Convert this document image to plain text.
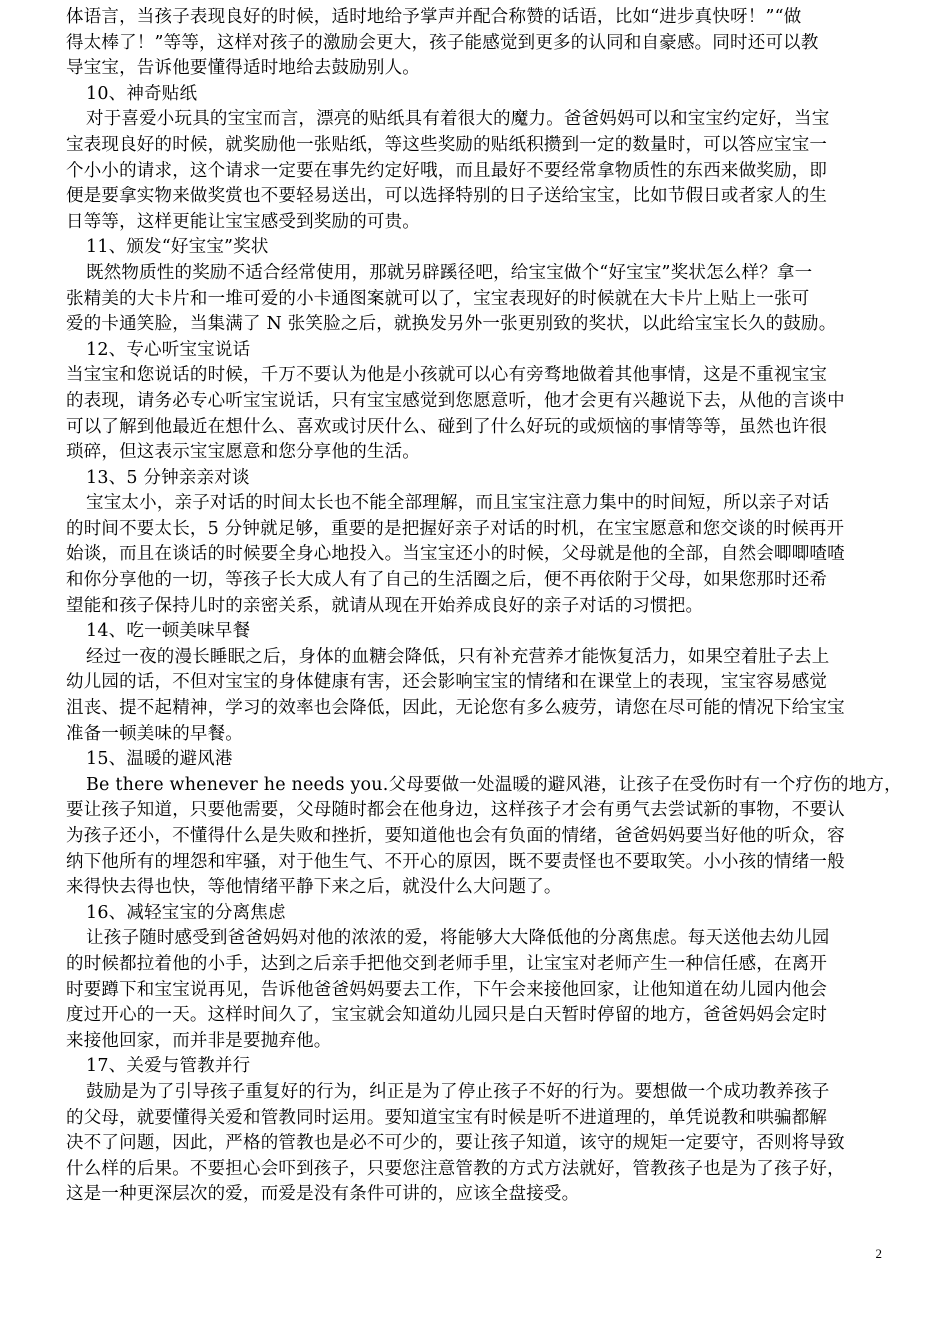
体语言，当孩子表现良好的时候，适时地给予掌声并配合称赞的话语，比如“进步真快呀！”“做
得太棒了！”等等，这样对孩子的激励会更大，孩子能感觉到更多的认同和自豪感。同时还可以教
导宝宝，告诉他要懂得适时地给去鼓励别人。
10、神奇贴纸
对于喜爱小玩具的宝宝而言，漂亮的贴纸具有着很大的魔力。爸爸妈妈可以和宝宝约定好，当宝
宝表现良好的时候，就奖励他一张贴纸，等这些奖励的贴纸积攒到一定的数量时，可以答应宝宝一
个小小的请求，这个请求一定要在事先约定好哦，而且最好不要经常拿物质性的东西来做奖励，即
便是要拿实物来做奖赏也不要轻易送出，可以选择特别的日子送给宝宝，比如节假日或者家人的生
日等等，这样更能让宝宝感受到奖励的可贵。
11、颁发“好宝宝”奖状
既然物质性的奖励不适合经常使用，那就另辟蹊径吧，给宝宝做个“好宝宝”奖状怎么样？拿一
张精美的大卡片和一堆可爱的小卡通图案就可以了，宝宝表现好的时候就在大卡片上贴上一张可
爱的卡通笑脸，当集满了 N 张笑脸之后，就换发另外一张更别致的奖状，以此给宝宝长久的鼓励。
12、专心听宝宝说话
当宝宝和您说话的时候，千万不要认为他是小孩就可以心有旁骛地做着其他事情，这是不重视宝宝
的表现，请务必专心听宝宝说话，只有宝宝感觉到您愿意听，他才会更有兴趣说下去，从他的言谈中
可以了解到他最近在想什么、喜欢或讨厌什么、碰到了什么好玩的或烦恼的事情等等，虽然也许很
琐碎，但这表示宝宝愿意和您分享他的生活。
13、5 分钟亲亲对谈
宝宝太小，亲子对话的时间太长也不能全部理解，而且宝宝注意力集中的时间短，所以亲子对话
的时间不要太长，5 分钟就足够，重要的是把握好亲子对话的时机，在宝宝愿意和您交谈的时候再开
始谈，而且在谈话的时候要全身心地投入。当宝宝还小的时候，父母就是他的全部，自然会唧唧喳喳
和你分享他的一切，等孩子长大成人有了自己的生活圈之后，便不再依附于父母，如果您那时还希
望能和孩子保持儿时的亲密关系，就请从现在开始养成良好的亲子对话的习惯把。
14、吃一顿美味早餐
经过一夜的漫长睡眠之后，身体的血糖会降低，只有补充营养才能恢复活力，如果空着肚子去上
幼儿园的话，不但对宝宝的身体健康有害，还会影响宝宝的情绪和在课堂上的表现，宝宝容易感觉
沮丧、提不起精神，学习的效率也会降低，因此，无论您有多么疲劳，请您在尽可能的情况下给宝宝
准备一顿美味的早餐。
15、温暖的避风港
Be there whenever he needs you.父母要做一处温暖的避风港，让孩子在受伤时有一个疗伤的地方，
要让孩子知道，只要他需要，父母随时都会在他身边，这样孩子才会有勇气去尝试新的事物，不要认
为孩子还小，不懂得什么是失败和挫折，要知道他也会有负面的情绪，爸爸妈妈要当好他的听众，容
纳下他所有的埋怨和牢骚，对于他生气、不开心的原因，既不要责怪也不要取笑。小小孩的情绪一般
来得快去得也快，等他情绪平静下来之后，就没什么大问题了。
16、减轻宝宝的分离焦虑
让孩子随时感受到爸爸妈妈对他的浓浓的爱，将能够大大降低他的分离焦虑。每天送他去幼儿园
的时候都拉着他的小手，达到之后亲手把他交到老师手里，让宝宝对老师产生一种信任感，在离开
时要蹲下和宝宝说再见，告诉他爸爸妈妈要去工作，下午会来接他回家，让他知道在幼儿园内他会
度过开心的一天。这样时间久了，宝宝就会知道幼儿园只是白天暂时停留的地方，爸爸妈妈会定时
来接他回家，而并非是要抛弃他。
17、关爱与管教并行
鼓励是为了引导孩子重复好的行为，纠正是为了停止孩子不好的行为。要想做一个成功教养孩子
的父母，就要懂得关爱和管教同时运用。要知道宝宝有时候是听不进道理的，单凭说教和哄骗都解
决不了问题，因此，严格的管教也是必不可少的，要让孩子知道，该守的规矩一定要守，否则将导致
什么样的后果。不要担心会吓到孩子，只要您注意管教的方式方法就好，管教孩子也是为了孩子好，
这是一种更深层次的爱，而爱是没有条件可讲的，应该全盘接受。
2
